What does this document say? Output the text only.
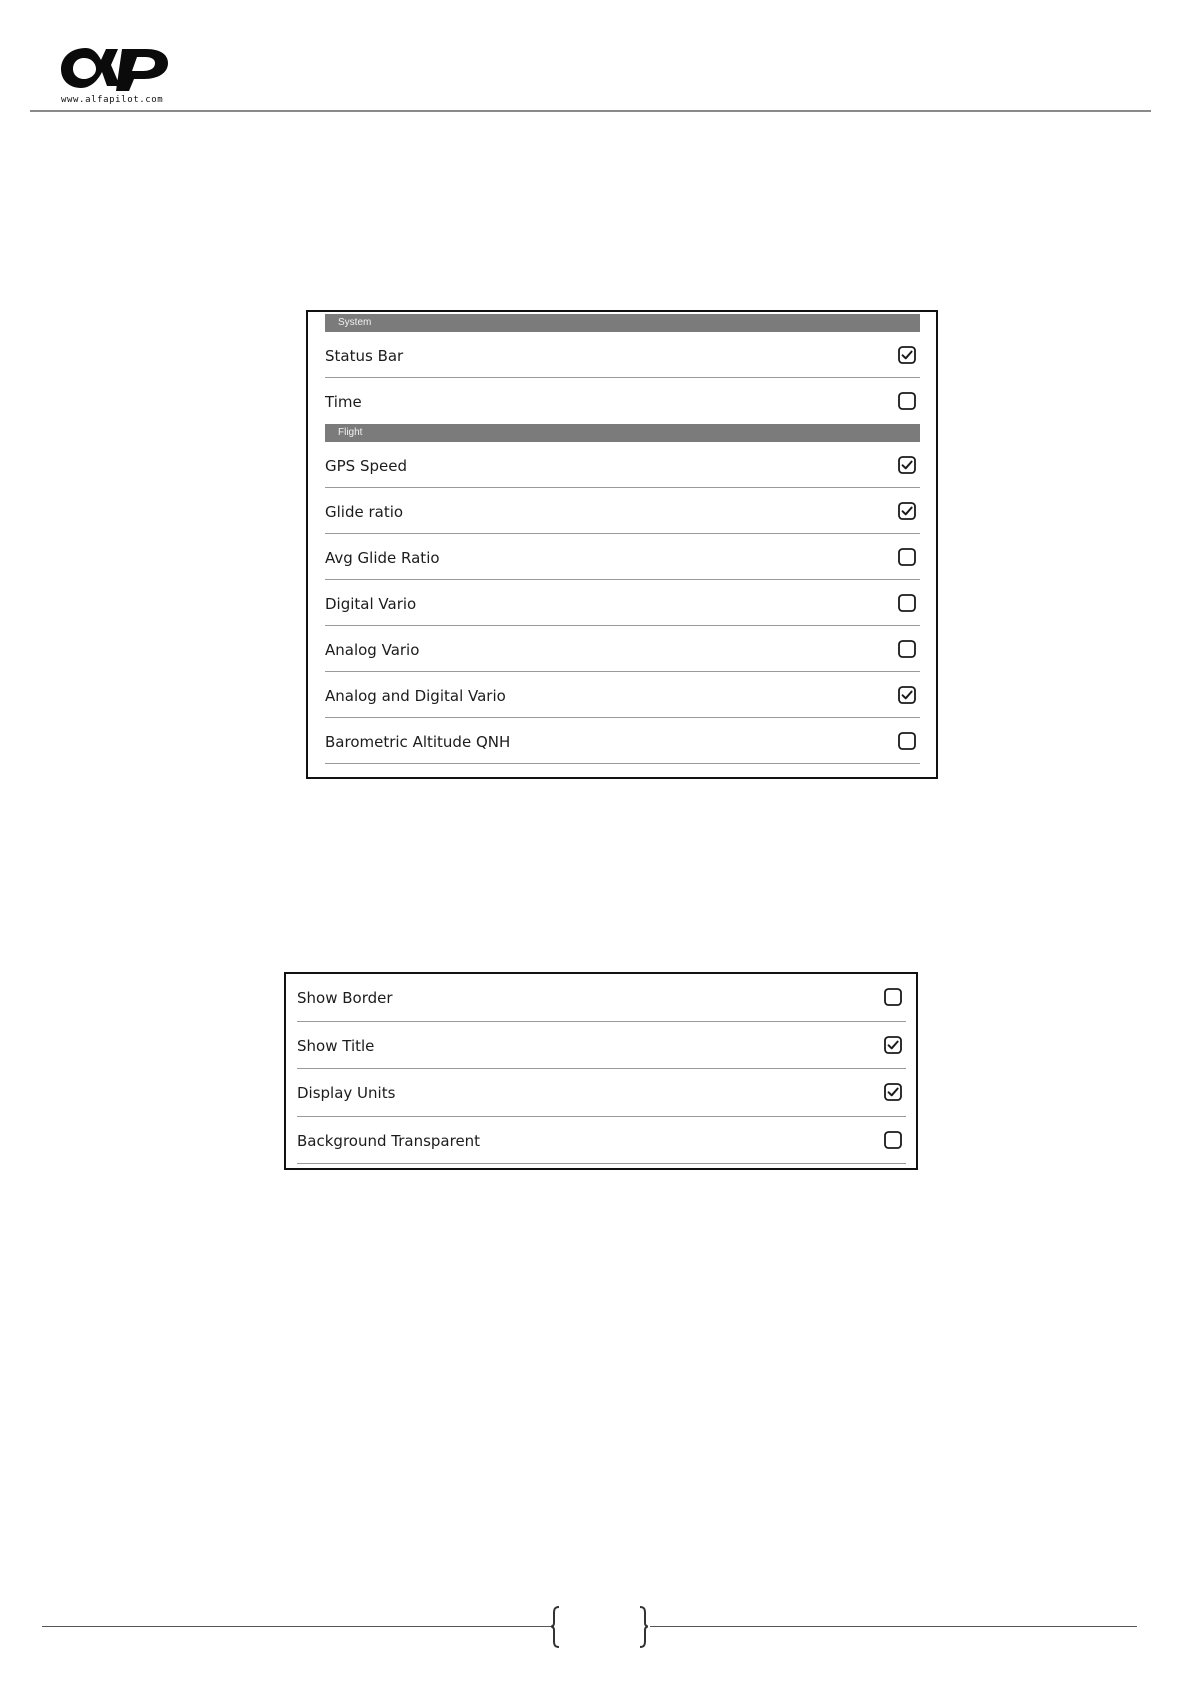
www.alfapilot.com
System
Status Bar
Time
Flight
GPS Speed
Glide ratio
Avg Glide Ratio
Digital Vario
Analog Vario
Analog and Digital Vario
Barometric Altitude QNH
Show Border
Show Title
Display Units
Background Transparent
